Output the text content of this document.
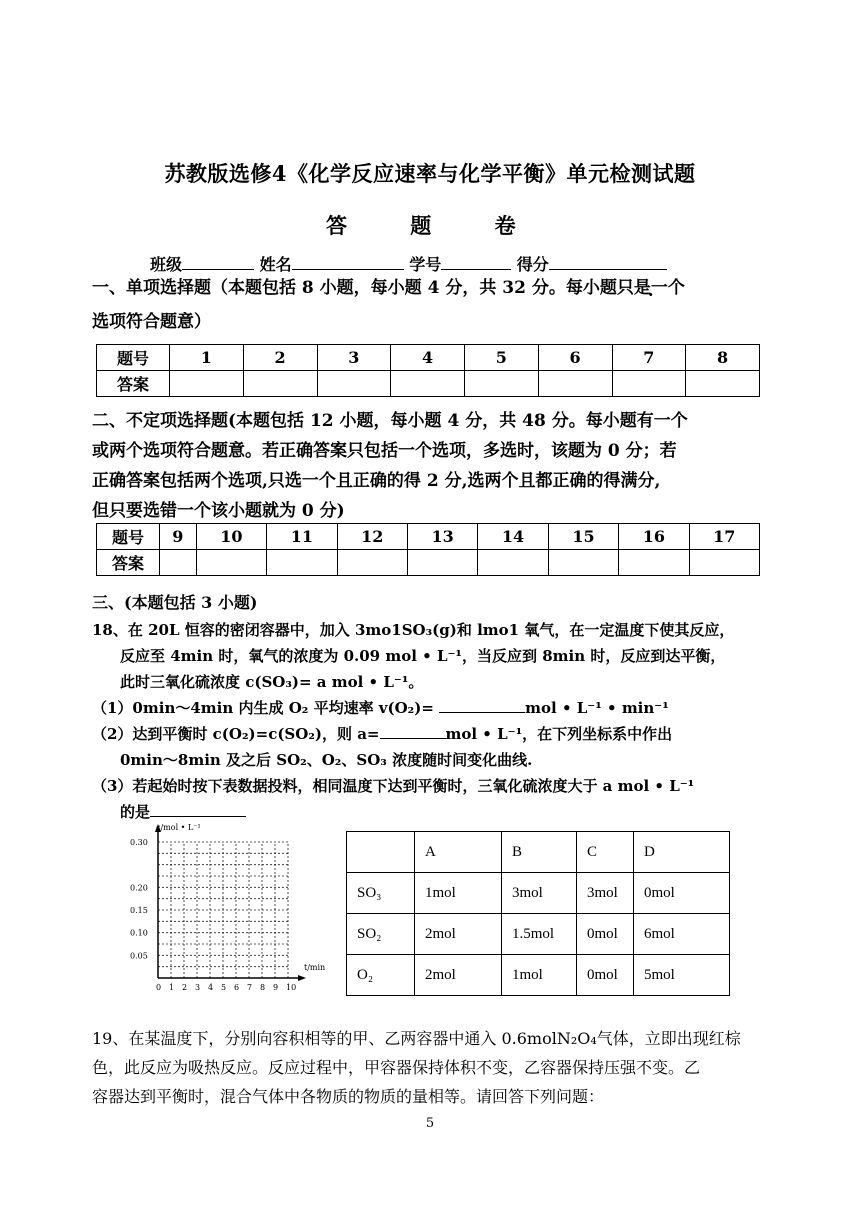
苏教版选修4《化学反应速率与化学平衡》单元检测试题
答 题 卷
班级	姓名	学号	得分
一、单项选择题（本题包括 8 小题，每小题 4 分，共 32 分。每小题只是一个
选项符合题意）
题号	1	2	3	4	5	6	7	8
答案								
二、不定项选择题(本题包括 12 小题，每小题 4 分，共 48 分。每小题有一个
或两个选项符合题意。若正确答案只包括一个选项，多选时，该题为 0 分；若
正确答案包括两个选项,只选一个且正确的得 2 分,选两个且都正确的得满分,
但只要选错一个该小题就为 0 分)
题号	9	10	11	12	13	14	15	16	17
答案									
三、(本题包括 3 小题)
18、在 20L 恒容的密闭容器中，加入 3mo1SO₃(g)和 lmo1 氧气，在一定温度下使其反应，
反应至 4min 时，氧气的浓度为 0.09 mol • L⁻¹，当反应到 8min 时，反应到达平衡，
此时三氧化硫浓度 c(SO₃)= a mol • L⁻¹。
（1）0min～4min 内生成 O₂ 平均速率 v(O₂)=	mol • L⁻¹ • min⁻¹
（2）达到平衡时 c(O₂)=c(SO₂)，则 a=	mol • L⁻¹，在下列坐标系中作出
0min～8min 及之后 SO₂、O₂、SO₃ 浓度随时间变化曲线.
（3）若起始时按下表数据投料，相同温度下达到平衡时，三氧化硫浓度大于 a mol • L⁻¹
的是
c/mol • L⁻¹
t/min
0.30
0.20
0.15
0.10
0.05
0 1 2 3 4 5 6 7 8 9 10
	A	B	C	D
SO₃	1mol	3mol	3mol	0mol
SO₂	2mol	1.5mol	0mol	6mol
O₂	2mol	1mol	0mol	5mol
19、在某温度下，分别向容积相等的甲、乙两容器中通入 0.6molN₂O₄气体，立即出现红棕
色，此反应为吸热反应。反应过程中，甲容器保持体积不变，乙容器保持压强不变。乙
容器达到平衡时，混合气体中各物质的物质的量相等。请回答下列问题：
5
